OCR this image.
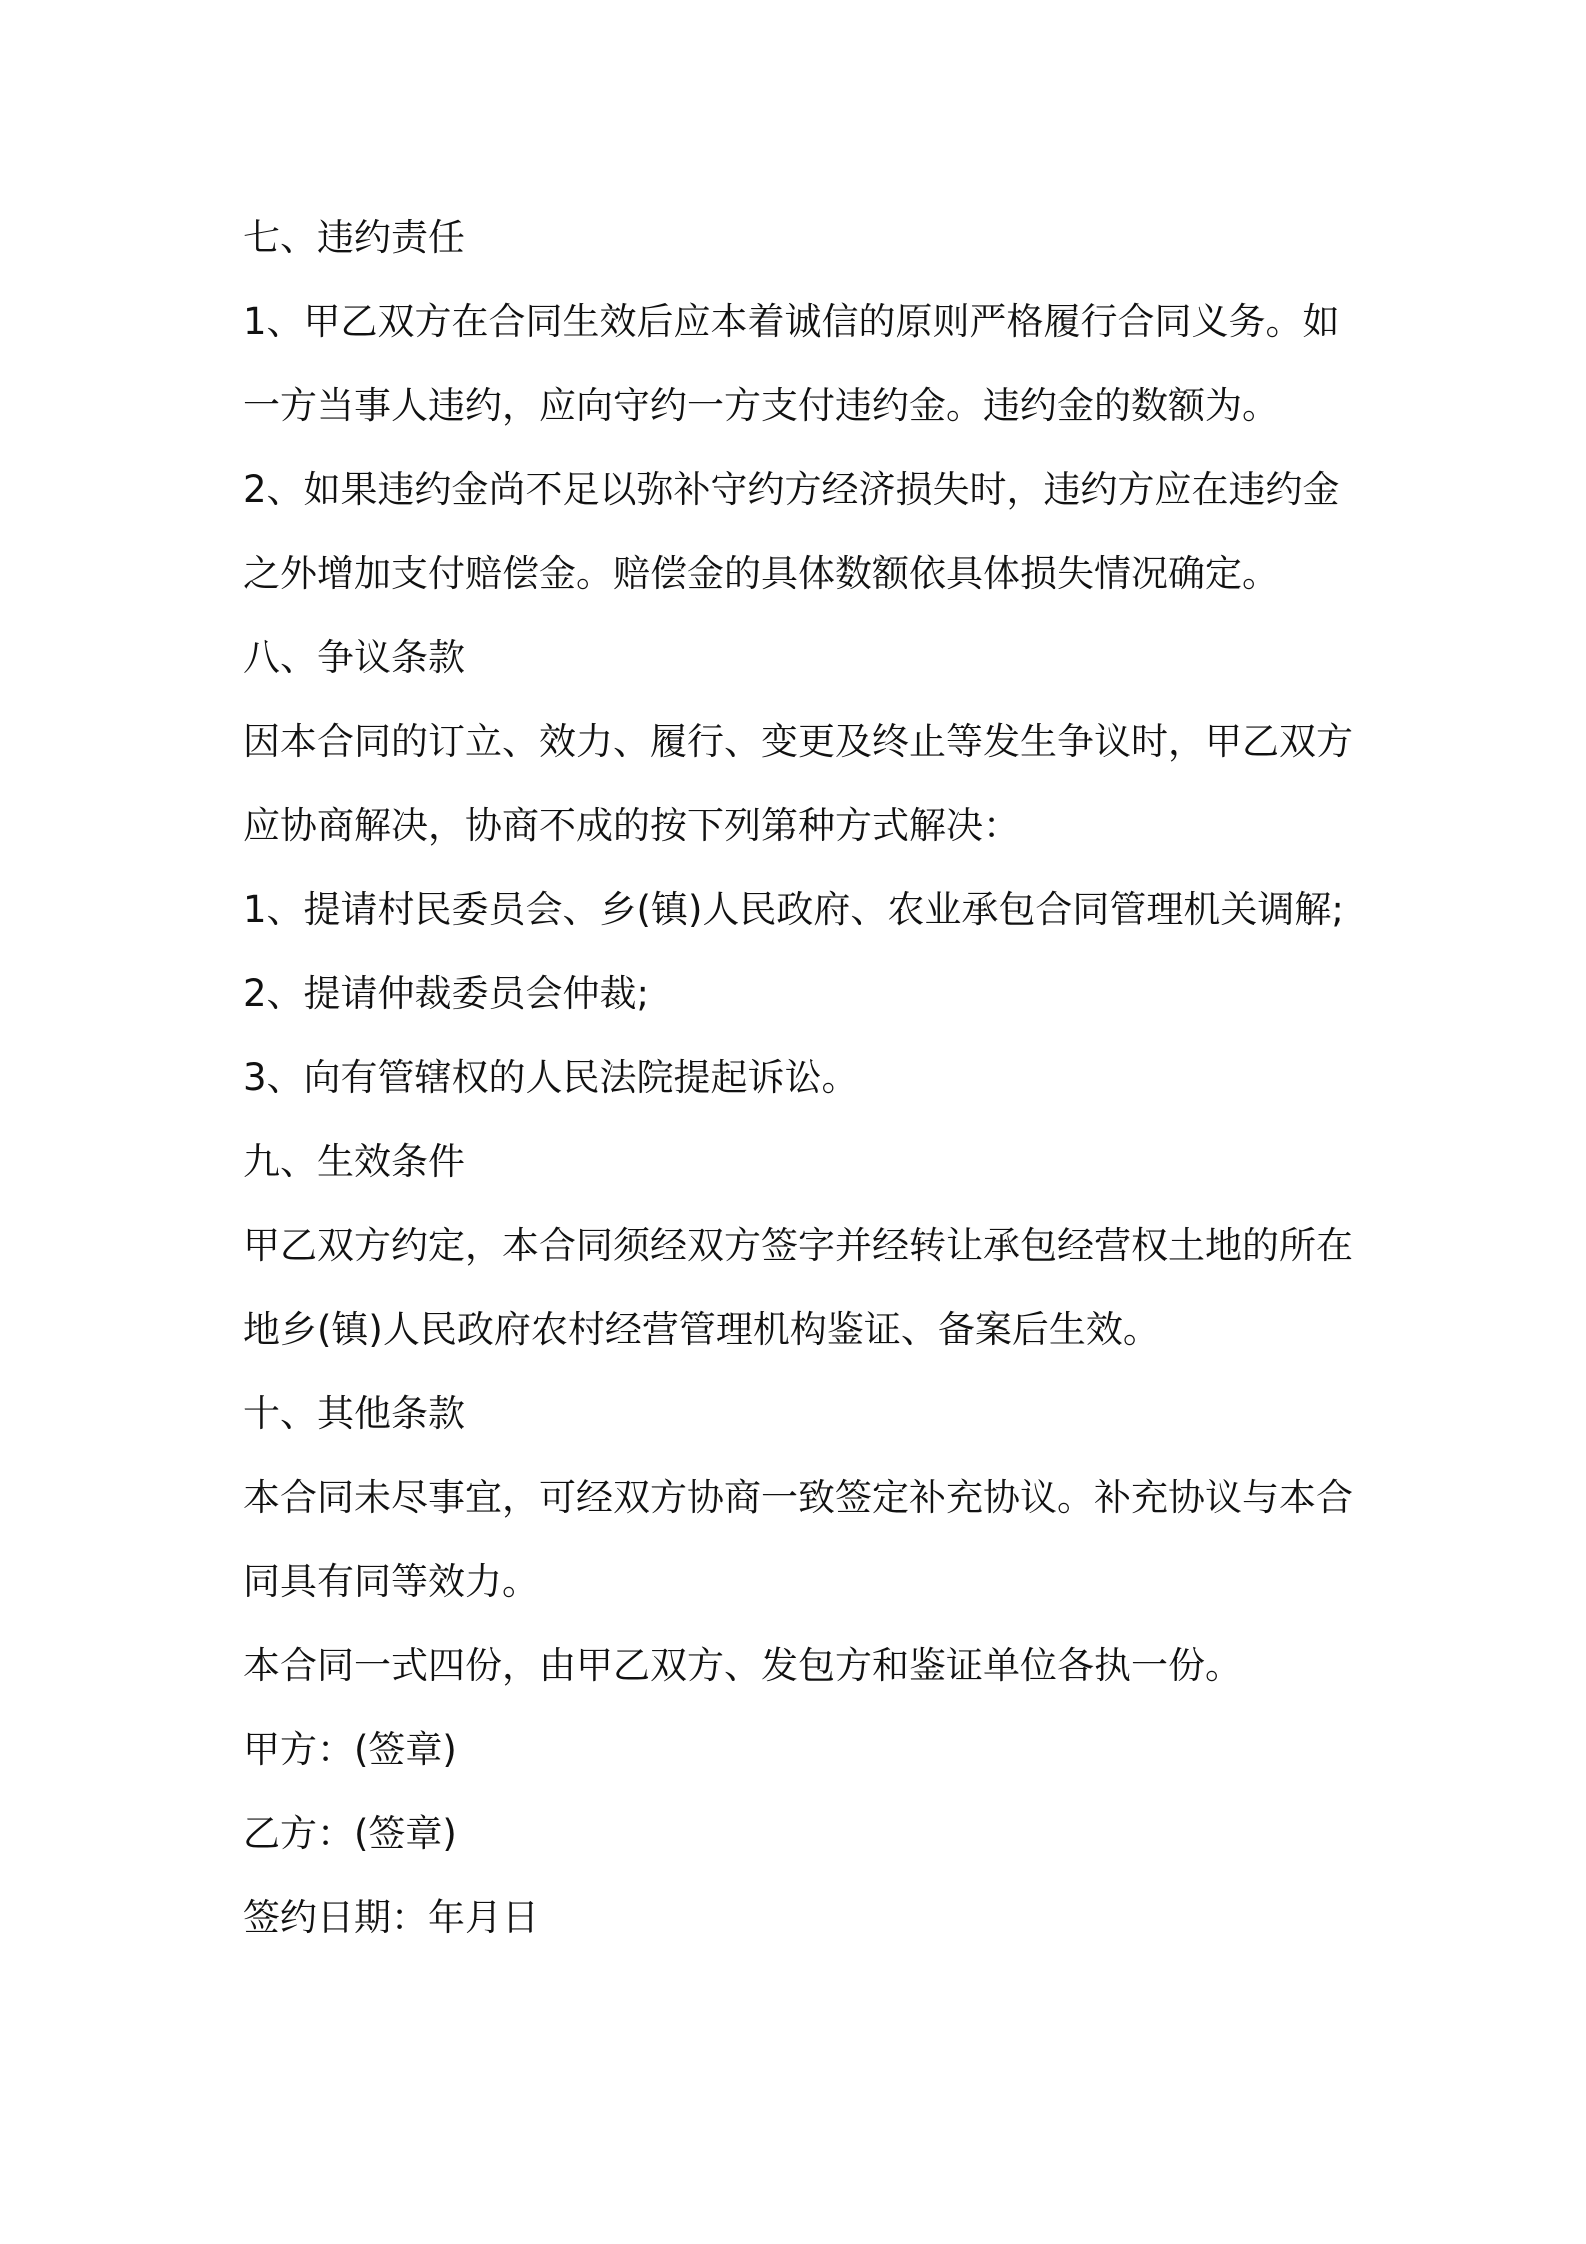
七、违约责任

1、甲乙双方在合同生效后应本着诚信的原则严格履行合同义务。如

一方当事人违约，应向守约一方支付违约金。违约金的数额为。

2、如果违约金尚不足以弥补守约方经济损失时，违约方应在违约金

之外增加支付赔偿金。赔偿金的具体数额依具体损失情况确定。

八、争议条款

因本合同的订立、效力、履行、变更及终止等发生争议时，甲乙双方

应协商解决，协商不成的按下列第种方式解决：

1、提请村民委员会、乡(镇)人民政府、农业承包合同管理机关调解;

2、提请仲裁委员会仲裁;

3、向有管辖权的人民法院提起诉讼。

九、生效条件

甲乙双方约定，本合同须经双方签字并经转让承包经营权土地的所在

地乡(镇)人民政府农村经营管理机构鉴证、备案后生效。

十、其他条款

本合同未尽事宜，可经双方协商一致签定补充协议。补充协议与本合

同具有同等效力。

本合同一式四份，由甲乙双方、发包方和鉴证单位各执一份。

甲方：(签章)

乙方：(签章)

签约日期：年月日
